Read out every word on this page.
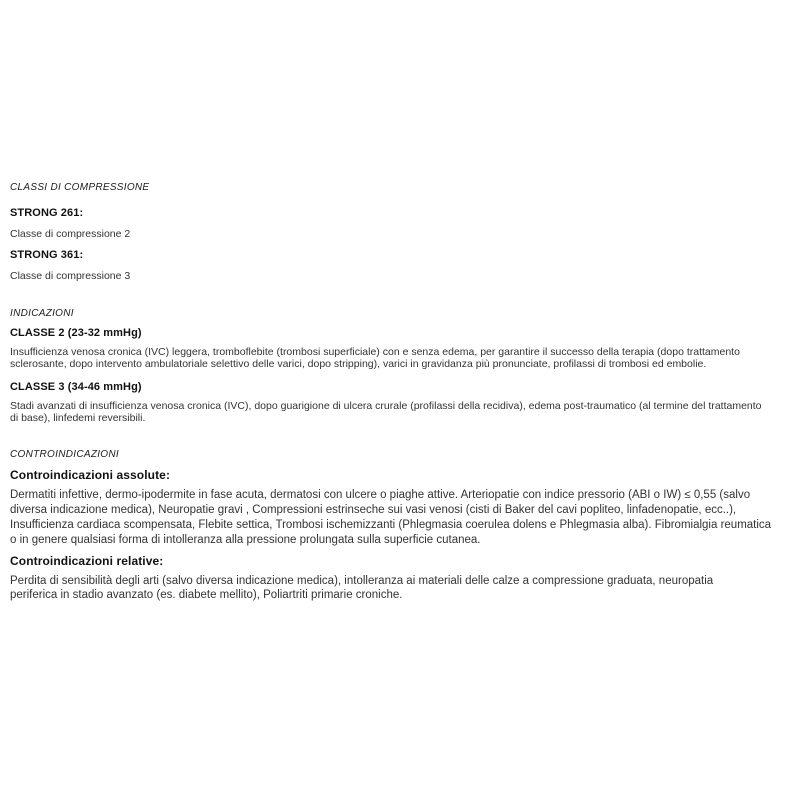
CLASSI DI COMPRESSIONE

STRONG 261:

Classe di compressione 2

STRONG 361:

Classe di compressione 3

INDICAZIONI

CLASSE 2 (23-32 mmHg)

Insufficienza venosa cronica (IVC) leggera, tromboflebite (trombosi superficiale) con e senza edema, per garantire il successo della terapia (dopo trattamento sclerosante, dopo intervento ambulatoriale selettivo delle varici, dopo stripping), varici in gravidanza più pronunciate, profilassi di trombosi ed embolie.

CLASSE 3 (34-46 mmHg)

Stadi avanzati di insufficienza venosa cronica (IVC), dopo guarigione di ulcera crurale (profilassi della recidiva), edema post-traumatico (al termine del trattamento di base), linfedemi reversibili.

CONTROINDICAZIONI

Controindicazioni assolute:

Dermatiti infettive, dermo-ipodermite in fase acuta, dermatosi con ulcere o piaghe attive. Arteriopatie con indice pressorio (ABI o IW) ≤ 0,55 (salvo diversa indicazione medica), Neuropatie gravi , Compressioni estrinseche sui vasi venosi (cisti di Baker del cavi popliteo, linfadenopatie, ecc..), Insufficienza cardiaca scompensata, Flebite settica, Trombosi ischemizzanti (Phlegmasia coerulea dolens e Phlegmasia alba). Fibromialgia reumatica o in genere qualsiasi forma di intolleranza alla pressione prolungata sulla superficie cutanea.

Controindicazioni relative:

Perdita di sensibilità degli arti (salvo diversa indicazione medica), intolleranza ai materiali delle calze a compressione graduata, neuropatia periferica in stadio avanzato (es. diabete mellito), Poliartriti primarie croniche.
